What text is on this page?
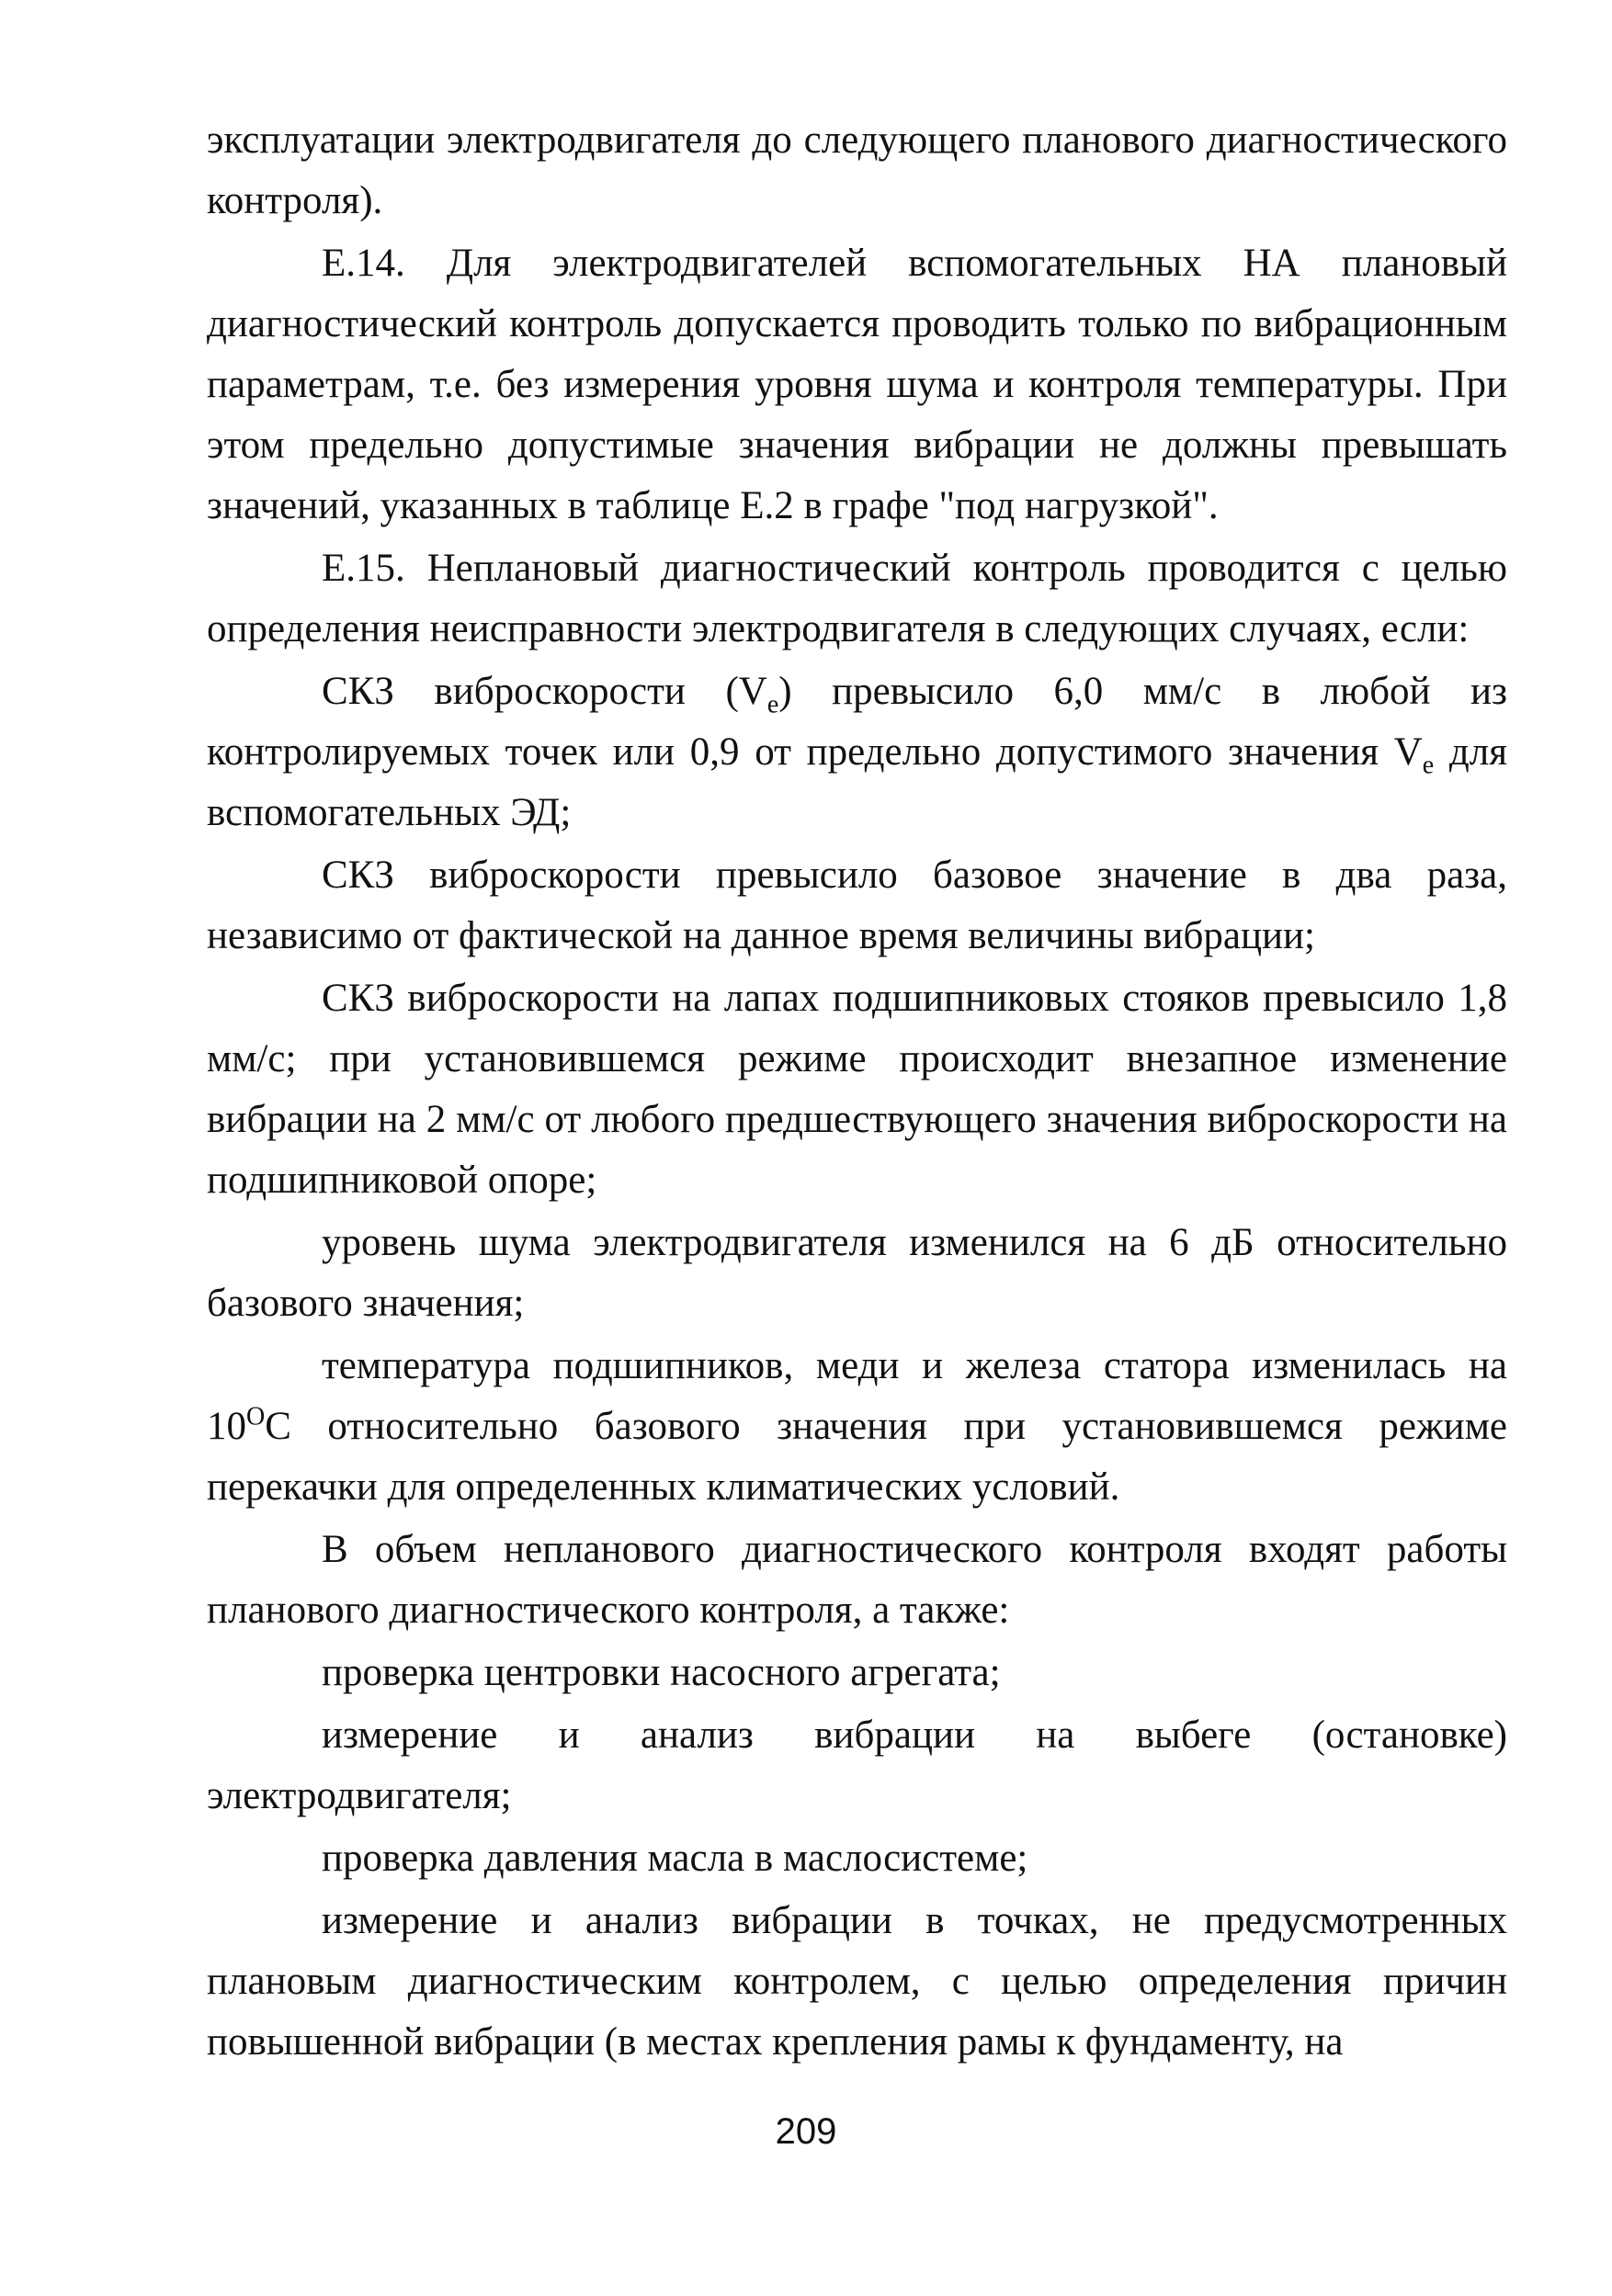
эксплуатации электродвигателя до следующего планового диагностического контроля).

Е.14. Для электродвигателей вспомогательных НА плановый диагностический контроль допускается проводить только по вибрационным параметрам, т.е. без измерения уровня шума и контроля температуры. При этом предельно допустимые значения вибрации не должны превышать значений, указанных в таблице Е.2 в графе "под нагрузкой".

Е.15. Неплановый диагностический контроль проводится с целью определения неисправности электродвигателя в следующих случаях, если:

СКЗ виброскорости $(V_e)$ превысило 6,0 мм/с в любой из контролируемых точек или 0,9 от предельно допустимого значения $V_e$ для вспомогательных ЭД;

СКЗ виброскорости превысило базовое значение в два раза, независимо от фактической на данное время величины вибрации;

СКЗ виброскорости на лапах подшипниковых стояков превысило 1,8 мм/с; при установившемся режиме происходит внезапное изменение вибрации на 2 мм/с от любого предшествующего значения виброскорости на подшипниковой опоре;

уровень шума электродвигателя изменился на 6 дБ относительно базового значения;

температура подшипников, меди и железа статора изменилась на $10^OС$ относительно базового значения при установившемся режиме перекачки для определенных климатических условий.

В объем непланового диагностического контроля входят работы планового диагностического контроля, а также:

проверка центровки насосного агрегата;

измерение и анализ вибрации на выбеге (остановке) электродвигателя;

проверка давления масла в маслосистеме;

измерение и анализ вибрации в точках, не предусмотренных плановым диагностическим контролем, с целью определения причин повышенной вибрации (в местах крепления рамы к фундаменту, на

209
